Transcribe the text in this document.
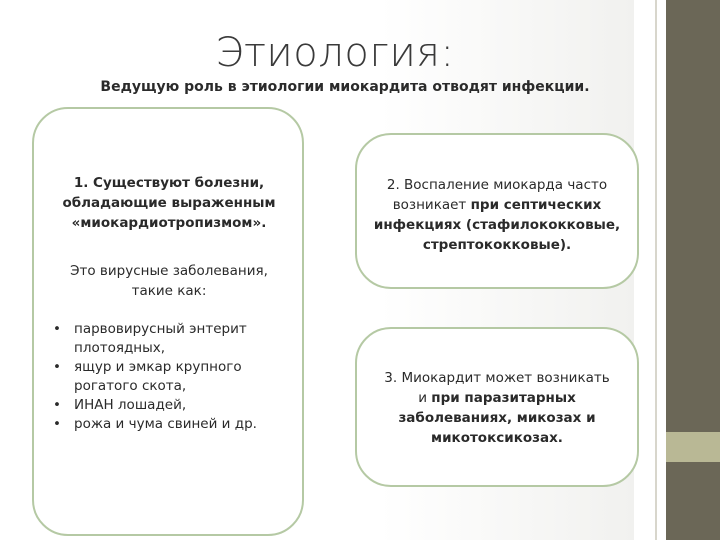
Этиология:
Ведущую роль в этиологии миокардита отводят инфекции.
1. Существуют болезни,
обладающие выраженным
«миокардиотропизмом».
Это вирусные заболевания,
такие как:
• парвовирусный энтерит
плотоядных,
• ящур и эмкар крупного
рогатого скота,
• ИНАН лошадей,
• рожа и чума свиней и др.
2. Воспаление миокарда часто
возникает при септических
инфекциях (стафилококковые,
стрептококковые).
3. Миокардит может возникать
и при паразитарных
заболеваниях, микозах и
микотоксикозах.
